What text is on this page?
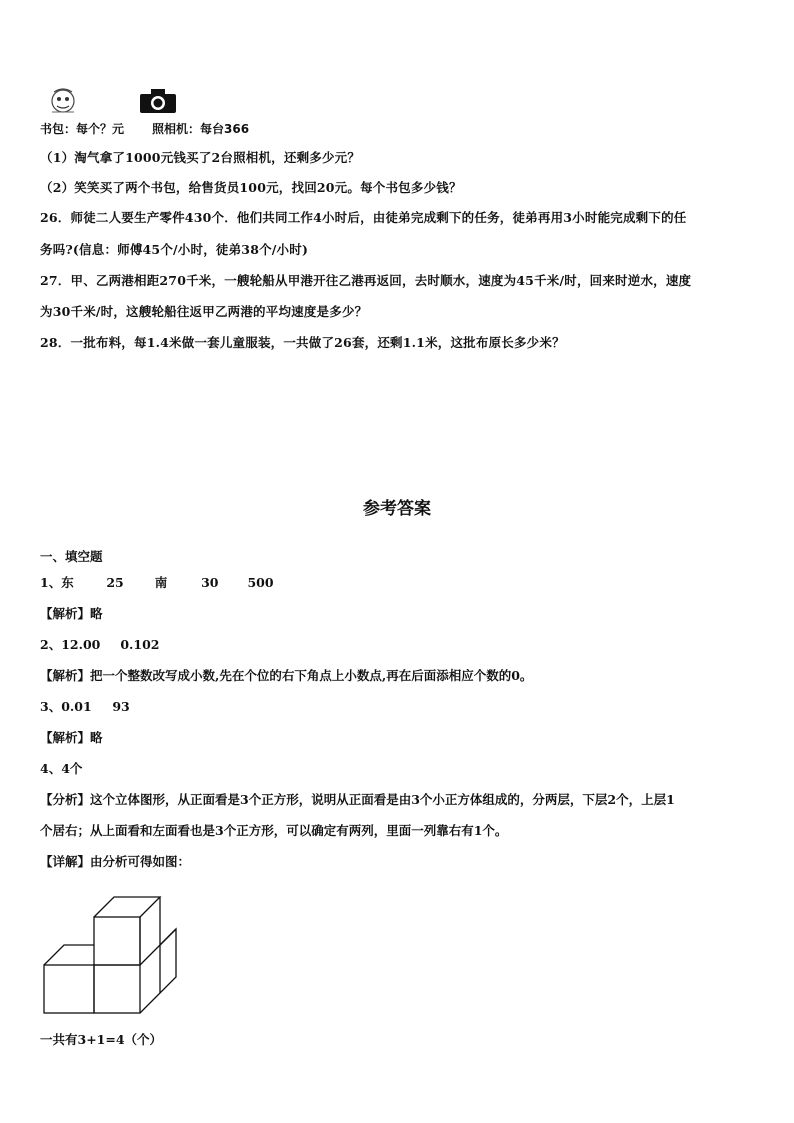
书包：每个？元 照相机：每台366
（1）淘气拿了1000元钱买了2台照相机，还剩多少元？
（2）笑笑买了两个书包，给售货员100元，找回20元。每个书包多少钱？
26．师徒二人要生产零件430个．他们共同工作4小时后，由徒弟完成剩下的任务，徒弟再用3小时能完成剩下的任
务吗?(信息：师傅45个/小时，徒弟38个/小时)
27．甲、乙两港相距270千米，一艘轮船从甲港开往乙港再返回，去时顺水，速度为45千米/时，回来时逆水，速度
为30千米/时，这艘轮船往返甲乙两港的平均速度是多少？
28．一批布料，每1.4米做一套儿童服装，一共做了26套，还剩1.1米，这批布原长多少米？
参考答案
一、填空题
1、东	25 南	30 500
【解析】略
2、12.00 0.102
【解析】把一个整数改写成小数,先在个位的右下角点上小数点,再在后面添相应个数的0。
3、0.01 93
【解析】略
4、4个
【分析】这个立体图形，从正面看是3个正方形，说明从正面看是由3个小正方体组成的，分两层，下层2个，上层1
个居右；从上面看和左面看也是3个正方形，可以确定有两列，里面一列靠右有1个。
【详解】由分析可得如图：
一共有3+1=4（个）
